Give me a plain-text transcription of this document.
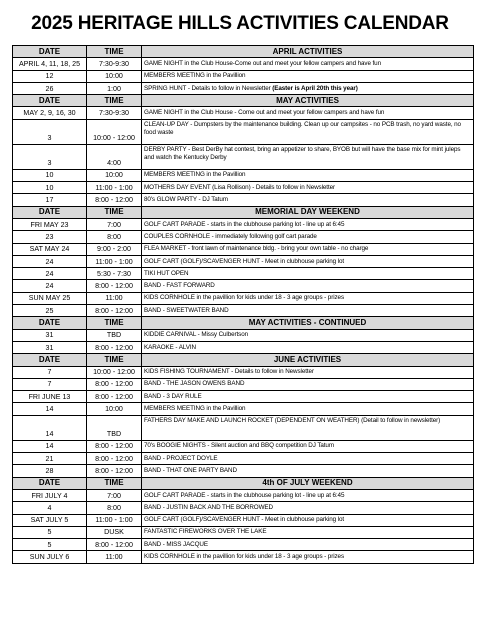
2025 HERITAGE HILLS ACTIVITIES CALENDAR
DATE	TIME	APRIL ACTIVITIES
APRIL 4, 11, 18, 25	7:30-9:30	GAME NIGHT in the Club House-Come out and meet your fellow campers and have fun
12	10:00	MEMBERS MEETING in the Pavillion
26	1:00	SPRING HUNT - Details to follow in Newsletter (Easter is April 20th this year)
DATE	TIME	MAY ACTIVITIES
MAY 2, 9, 16, 30	7:30-9:30	GAME NIGHT in the Club House - Come out and meet your fellow campers and have fun
3	10:00 - 12:00	CLEAN-UP DAY - Dumpsters by the maintenance building. Clean up our campsites - no PCB trash, no yard waste, no food waste
3	4:00	DERBY PARTY - Best DerBy hat contest, bring an appetizer to share, BYOB but will have the base mix for mint juleps and watch the Kentucky Derby
10	10:00	MEMBERS MEETING in the Pavillion
10	11:00 - 1:00	MOTHERS DAY EVENT (Lisa Rollison) - Details to follow in Newsletter
17	8:00 - 12:00	80's GLOW PARTY - DJ Tatum
DATE	TIME	MEMORIAL DAY WEEKEND
FRI MAY 23	7:00	GOLF CART PARADE - starts in the clubhouse parking lot - line up at 6:45
23	8:00	COUPLES CORNHOLE - immediately following golf cart parade
SAT MAY 24	9:00 - 2:00	FLEA MARKET - front lawn of maintenance bldg. - bring your own table - no charge
24	11:00 - 1:00	GOLF CART (GOLF)/SCAVENGER HUNT - Meet in clubhouse parking lot
24	5:30 - 7:30	TIKI HUT OPEN
24	8:00 - 12:00	BAND - FAST FORWARD
SUN MAY 25	11:00	KIDS CORNHOLE in the pavillion for kids under 18 - 3 age groups - prizes
25	8:00 - 12:00	BAND - SWEETWATER BAND
DATE	TIME	MAY ACTIVITIES - CONTINUED
31	TBD	KIDDIE CARNIVAL - Missy Culbertson
31	8:00 - 12:00	KARAOKE - ALVIN
DATE	TIME	JUNE ACTIVITIES
7	10:00 - 12:00	KIDS FISHING TOURNAMENT - Details to follow in Newsletter
7	8:00 - 12:00	BAND - THE JASON OWENS BAND
FRI JUNE 13	8:00 - 12:00	BAND - 3 DAY RULE
14	10:00	MEMBERS MEETING in the Pavillion
14	TBD	FATHERS DAY MAKE AND LAUNCH ROCKET (DEPENDENT ON WEATHER) (Detail to follow in newsletter)
14	8:00 - 12:00	70's BOOGIE NIGHTS - Silent auction and BBQ competition DJ Tatum
21	8:00 - 12:00	BAND - PROJECT DOYLE
28	8:00 - 12:00	BAND - THAT ONE PARTY BAND
DATE	TIME	4th OF JULY WEEKEND
FRI JULY 4	7:00	GOLF CART PARADE - starts in the clubhouse parking lot - line up at 6:45
4	8:00	BAND - JUSTIN BACK AND THE BORROWED
SAT JULY 5	11:00 - 1:00	GOLF CART (GOLF)/SCAVENGER HUNT - Meet in clubhouse parking lot
5	DUSK	FANTASTIC FIREWORKS OVER THE LAKE
5	8:00 - 12:00	BAND - MISS JACQUE
SUN JULY 6	11:00	KIDS CORNHOLE in the pavillion for kids under 18 - 3 age groups - prizes
